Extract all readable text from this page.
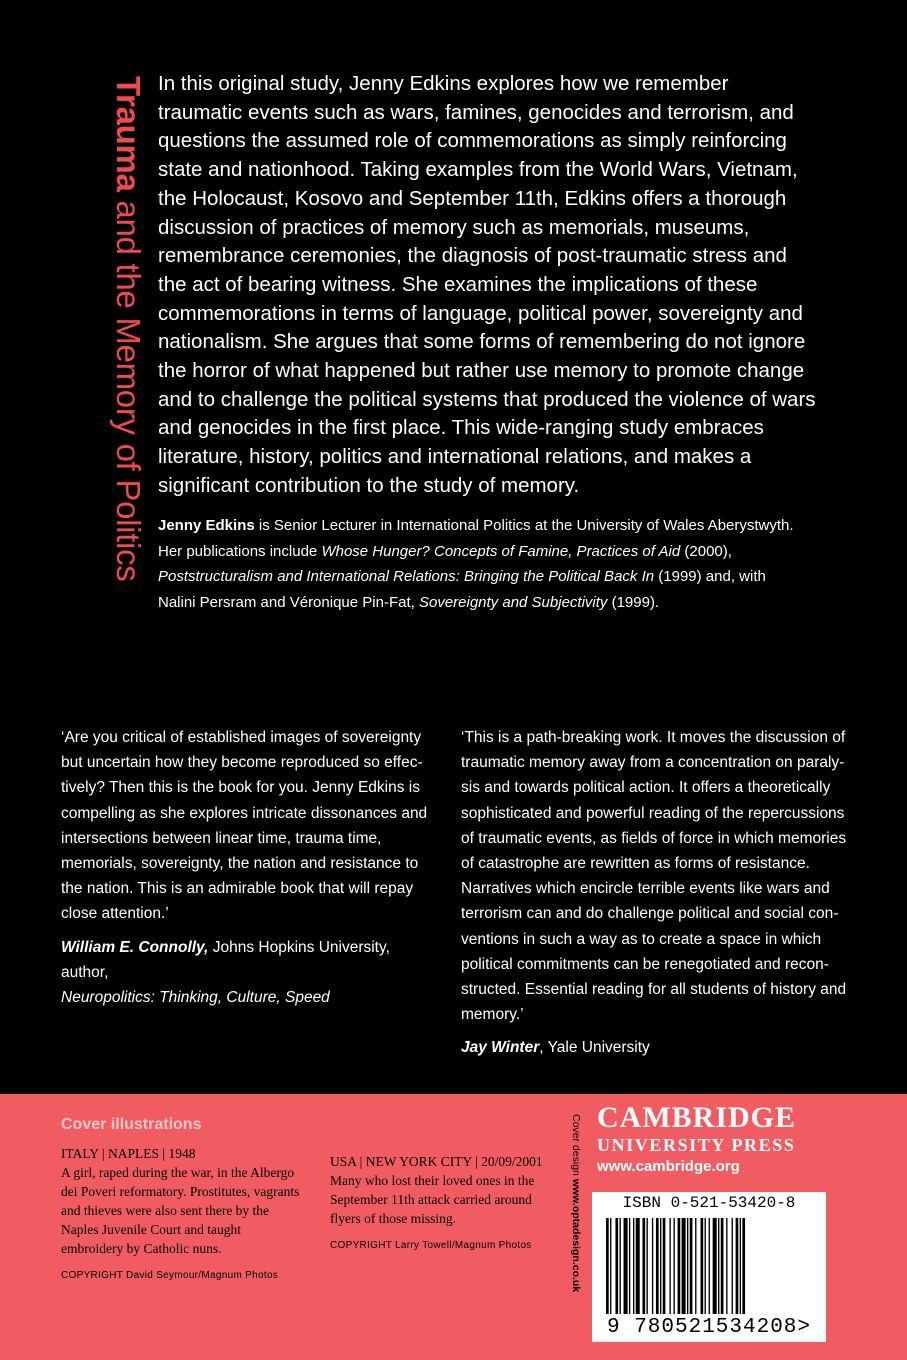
Trauma and the Memory of Politics

In this original study, Jenny Edkins explores how we remember traumatic events such as wars, famines, genocides and terrorism, and questions the assumed role of commemorations as simply reinforcing state and nationhood. Taking examples from the World Wars, Vietnam, the Holocaust, Kosovo and September 11th, Edkins offers a thorough discussion of practices of memory such as memorials, museums, remembrance ceremonies, the diagnosis of post-traumatic stress and the act of bearing witness. She examines the implications of these commemorations in terms of language, political power, sovereignty and nationalism. She argues that some forms of remembering do not ignore the horror of what happened but rather use memory to promote change and to challenge the political systems that produced the violence of wars and genocides in the first place. This wide-ranging study embraces literature, history, politics and international relations, and makes a significant contribution to the study of memory.

Jenny Edkins is Senior Lecturer in International Politics at the University of Wales Aberystwyth. Her publications include Whose Hunger? Concepts of Famine, Practices of Aid (2000), Poststructuralism and International Relations: Bringing the Political Back In (1999) and, with Nalini Persram and Véronique Pin-Fat, Sovereignty and Subjectivity (1999).

‘Are you critical of established images of sovereignty but uncertain how they become reproduced so effec-tively? Then this is the book for you. Jenny Edkins is compelling as she explores intricate dissonances and intersections between linear time, trauma time, memorials, sovereignty, the nation and resistance to the nation. This is an admirable book that will repay close attention.’

William E. Connolly, Johns Hopkins University, author,
Neuropolitics: Thinking, Culture, Speed

‘This is a path-breaking work. It moves the discussion of traumatic memory away from a concentration on paraly-sis and towards political action. It offers a theoretically sophisticated and powerful reading of the repercussions of traumatic events, as fields of force in which memories of catastrophe are rewritten as forms of resistance. Narratives which encircle terrible events like wars and terrorism can and do challenge political and social con-ventions in such a way as to create a space in which political commitments can be renegotiated and recon-structed. Essential reading for all students of history and memory.’

Jay Winter, Yale University

Cover illustrations

ITALY | NAPLES | 1948

A girl, raped during the war, in the Albergo dei Poveri reformatory. Prostitutes, vagrants and thieves were also sent there by the Naples Juvenile Court and taught embroidery by Catholic nuns.

COPYRIGHT David Seymour/Magnum Photos

USA | NEW YORK CITY | 20/09/2001

Many who lost their loved ones in the September 11th attack carried around flyers of those missing.

COPYRIGHT Larry Towell/Magnum Photos

Cover design www.optadesign.co.uk
CAMBRIDGE
UNIVERSITY PRESS
www.cambridge.org
ISBN 0-521-53420-8
9 780521534208>
